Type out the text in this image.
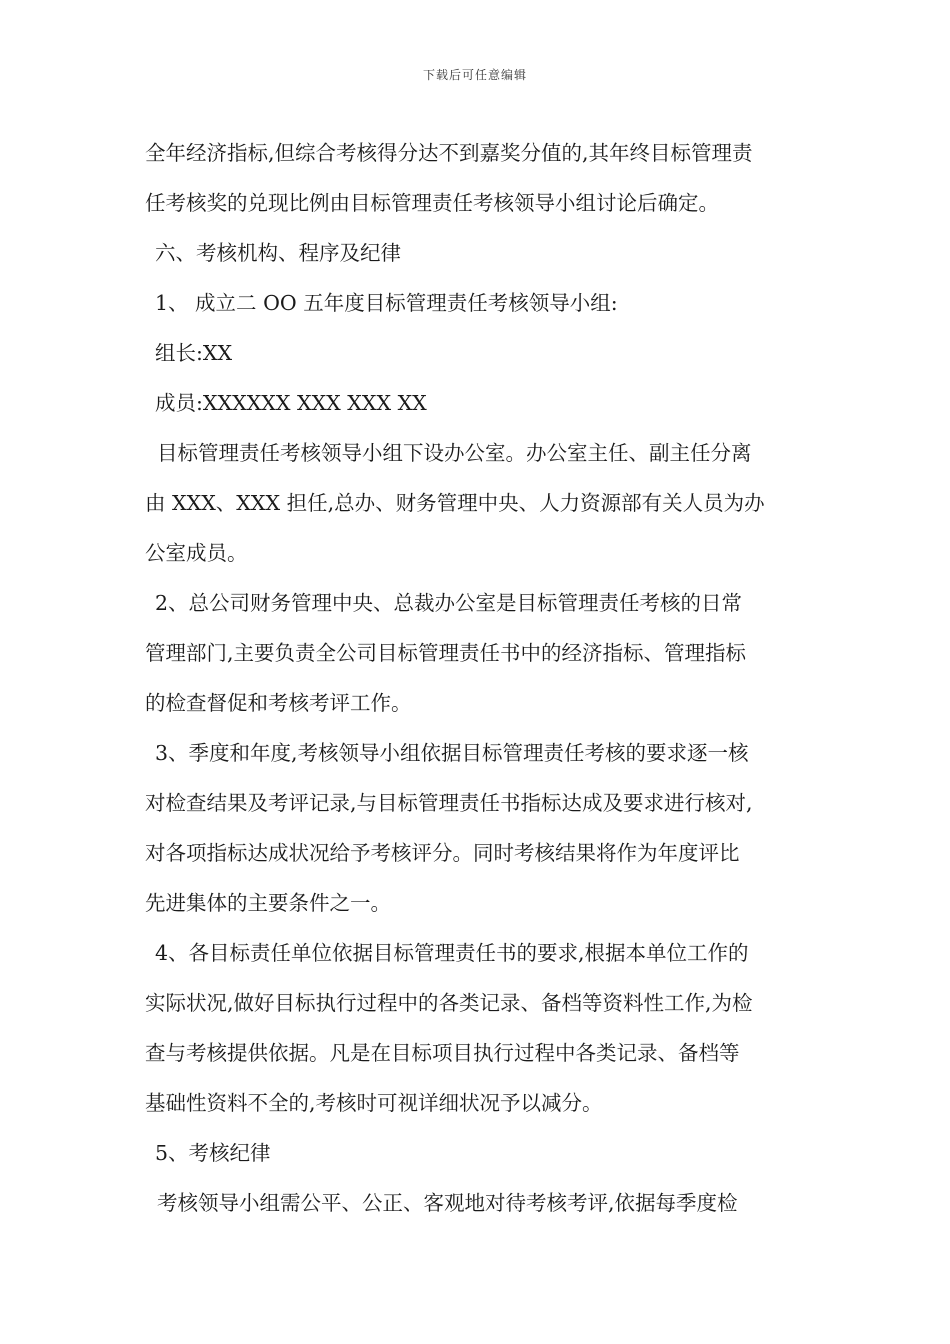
下载后可任意编辑
全年经济指标,但综合考核得分达不到嘉奖分值的,其年终目标管理责
任考核奖的兑现比例由目标管理责任考核领导小组讨论后确定。
六、考核机构、程序及纪律
1、 成立二 OO 五年度目标管理责任考核领导小组:
组长:XX
成员:XXXXXX XXX XXX XX
目标管理责任考核领导小组下设办公室。办公室主任、副主任分离
由 XXX、XXX 担任,总办、财务管理中央、人力资源部有关人员为办
公室成员。
2、总公司财务管理中央、总裁办公室是目标管理责任考核的日常
管理部门,主要负责全公司目标管理责任书中的经济指标、管理指标
的检查督促和考核考评工作。
3、季度和年度,考核领导小组依据目标管理责任考核的要求逐一核
对检查结果及考评记录,与目标管理责任书指标达成及要求进行核对,
对各项指标达成状况给予考核评分。同时考核结果将作为年度评比
先进集体的主要条件之一。
4、各目标责任单位依据目标管理责任书的要求,根据本单位工作的
实际状况,做好目标执行过程中的各类记录、备档等资料性工作,为检
查与考核提供依据。凡是在目标项目执行过程中各类记录、备档等
基础性资料不全的,考核时可视详细状况予以减分。
5、考核纪律
考核领导小组需公平、公正、客观地对待考核考评,依据每季度检
